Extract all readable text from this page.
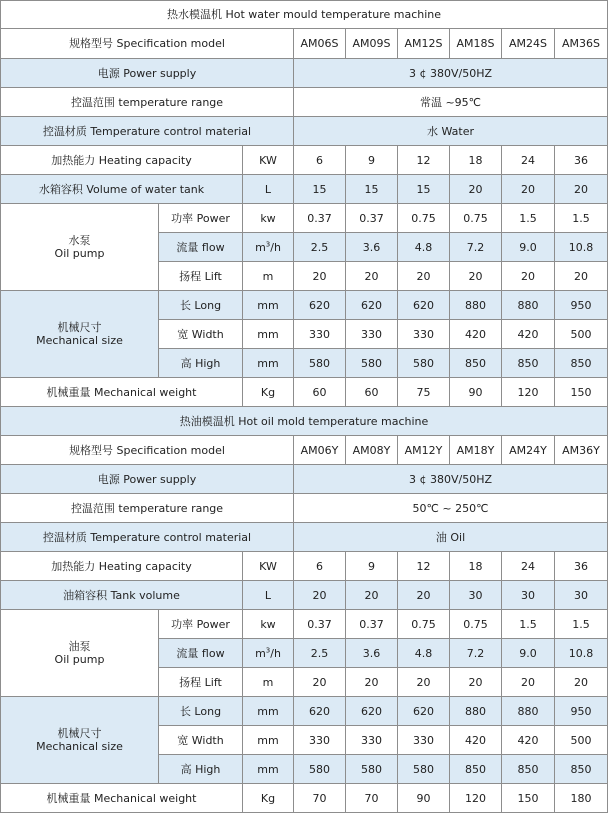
热水模温机 Hot water mould temperature machine								
规格型号 Specification model			AM06S	AM09S	AM12S	AM18S	AM24S	AM36S
电源 Power supply			3 ¢ 380V/50HZ					
控温范围 temperature range			常温 ~95℃					
控温材质 Temperature control material			水 Water					
加热能力 Heating capacity		KW	6	9	12	18	24	36
水箱容积 Volume of water tank		L	15	15	15	20	20	20

水泵
Oil pump	功率 Power	kw	0.37	0.37	0.75	0.75	1.5	1.5
	流量 flow	$m^3/h$	2.5	3.6	4.8	7.2	9.0	10.8
	扬程 Lift	m	20	20	20	20	20	20

机械尺寸
Mechanical size	长 Long	mm	620	620	620	880	880	950
	宽 Width	mm	330	330	330	420	420	500
	高 High	mm	580	580	580	850	850	850
机械重量 Mechanical weight		Kg	60	60	75	90	120	150
热油模温机 Hot oil mold temperature machine								
规格型号 Specification model			AM06Y	AM08Y	AM12Y	AM18Y	AM24Y	AM36Y
电源 Power supply			3 ¢ 380V/50HZ					
控温范围 temperature range			50℃ ~ 250℃					
控温材质 Temperature control material			油 Oil					
加热能力 Heating capacity		KW	6	9	12	18	24	36
油箱容积 Tank volume		L	20	20	20	30	30	30

油泵
Oil pump	功率 Power	kw	0.37	0.37	0.75	0.75	1.5	1.5
	流量 flow	$m^3/h$	2.5	3.6	4.8	7.2	9.0	10.8
	扬程 Lift	m	20	20	20	20	20	20

机械尺寸
Mechanical size	长 Long	mm	620	620	620	880	880	950
	宽 Width	mm	330	330	330	420	420	500
	高 High	mm	580	580	580	850	850	850
机械重量 Mechanical weight		Kg	70	70	90	120	150	180
